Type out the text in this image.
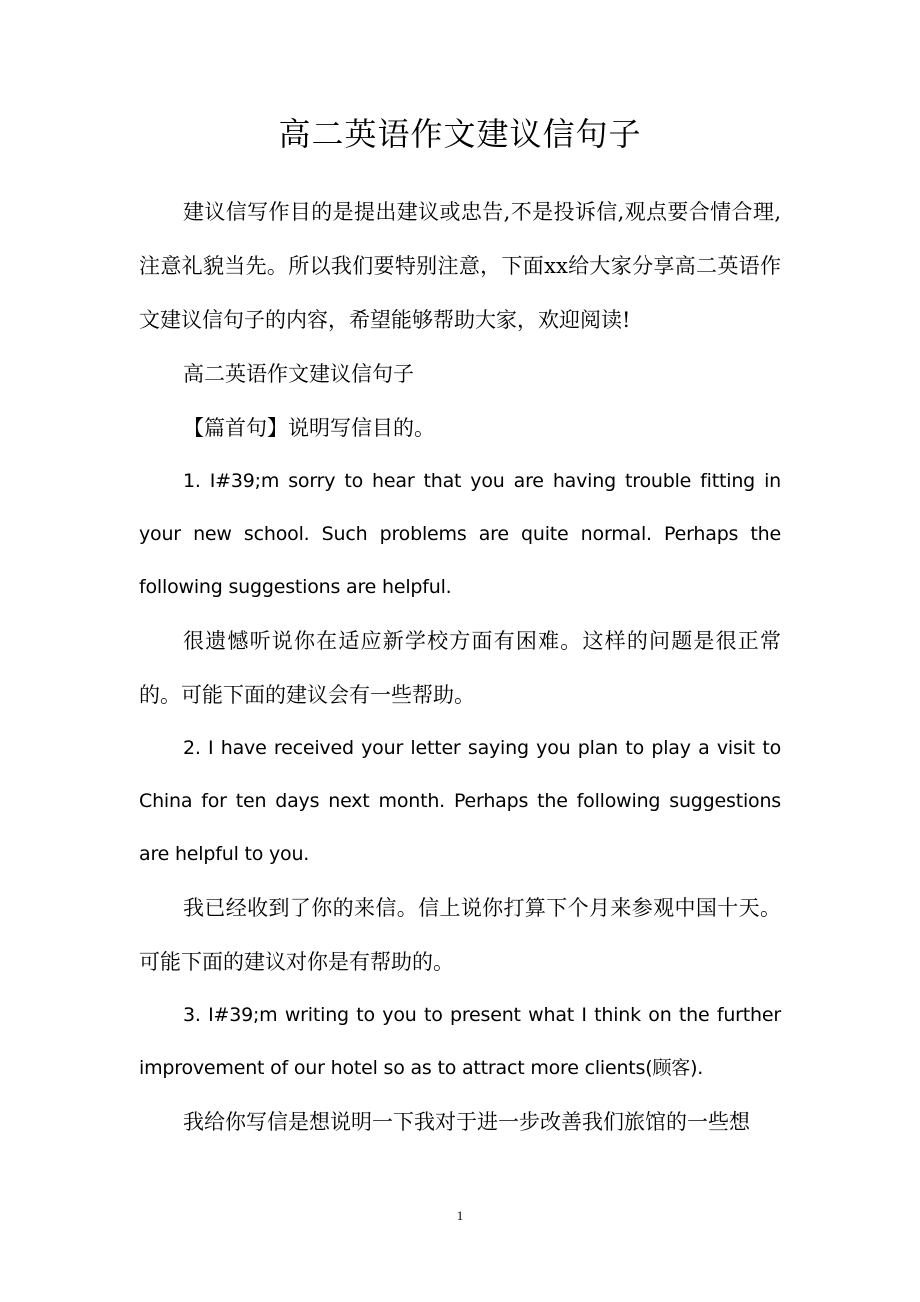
高二英语作文建议信句子

建议信写作目的是提出建议或忠告,不是投诉信,观点要合情合理,注意礼貌当先。所以我们要特别注意，下面xx给大家分享高二英语作文建议信句子的内容，希望能够帮助大家，欢迎阅读!

高二英语作文建议信句子

【篇首句】说明写信目的。

1. I#39;m sorry to hear that you are having trouble fitting in your new school. Such problems are quite normal. Perhaps the following suggestions are helpful.

很遗憾听说你在适应新学校方面有困难。这样的问题是很正常的。可能下面的建议会有一些帮助。

2. I have received your letter saying you plan to play a visit to China for ten days next month. Perhaps the following suggestions are helpful to you.

我已经收到了你的来信。信上说你打算下个月来参观中国十天。可能下面的建议对你是有帮助的。

3. I#39;m writing to you to present what I think on the further improvement of our hotel so as to attract more clients(顾客).

我给你写信是想说明一下我对于进一步改善我们旅馆的一些想

1
